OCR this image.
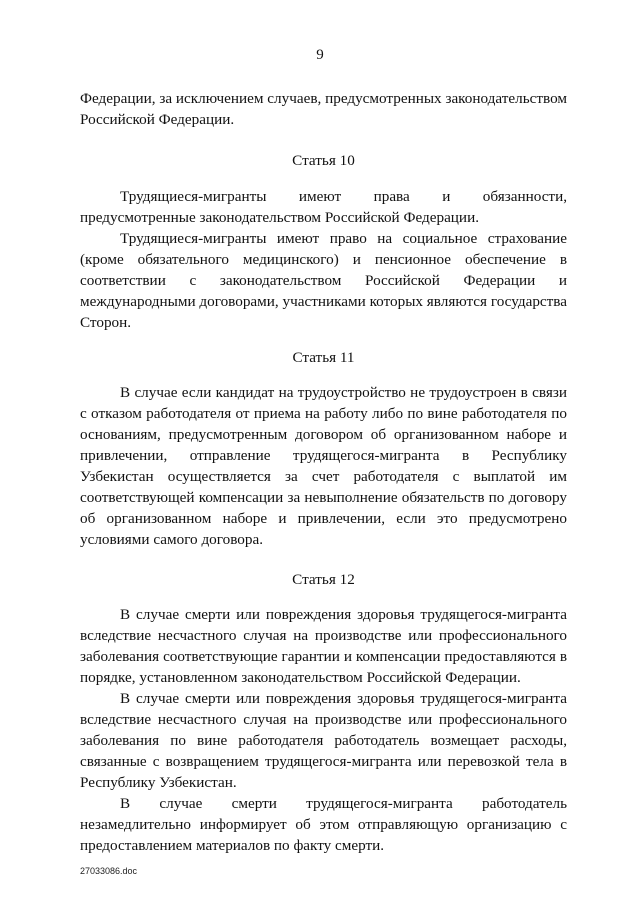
9

Федерации, за исключением случаев, предусмотренных законодательством Российской Федерации.

Статья 10

Трудящиеся-мигранты имеют права и обязанности, предусмотренные законодательством Российской Федерации.

Трудящиеся-мигранты имеют право на социальное страхование (кроме обязательного медицинского) и пенсионное обеспечение в соответствии с законодательством Российской Федерации и международными договорами, участниками которых являются государства Сторон.

Статья 11

В случае если кандидат на трудоустройство не трудоустроен в связи с отказом работодателя от приема на работу либо по вине работодателя по основаниям, предусмотренным договором об организованном наборе и привлечении, отправление трудящегося-мигранта в Республику Узбекистан осуществляется за счет работодателя с выплатой им соответствующей компенсации за невыполнение обязательств по договору об организованном наборе и привлечении, если это предусмотрено условиями самого договора.

Статья 12

В случае смерти или повреждения здоровья трудящегося-мигранта вследствие несчастного случая на производстве или профессионального заболевания соответствующие гарантии и компенсации предоставляются в порядке, установленном законодательством Российской Федерации.

В случае смерти или повреждения здоровья трудящегося-мигранта вследствие несчастного случая на производстве или профессионального заболевания по вине работодателя работодатель возмещает расходы, связанные с возвращением трудящегося-мигранта или перевозкой тела в Республику Узбекистан.

В случае смерти трудящегося-мигранта работодатель незамедлительно информирует об этом отправляющую организацию с предоставлением материалов по факту смерти.

27033086.doc
